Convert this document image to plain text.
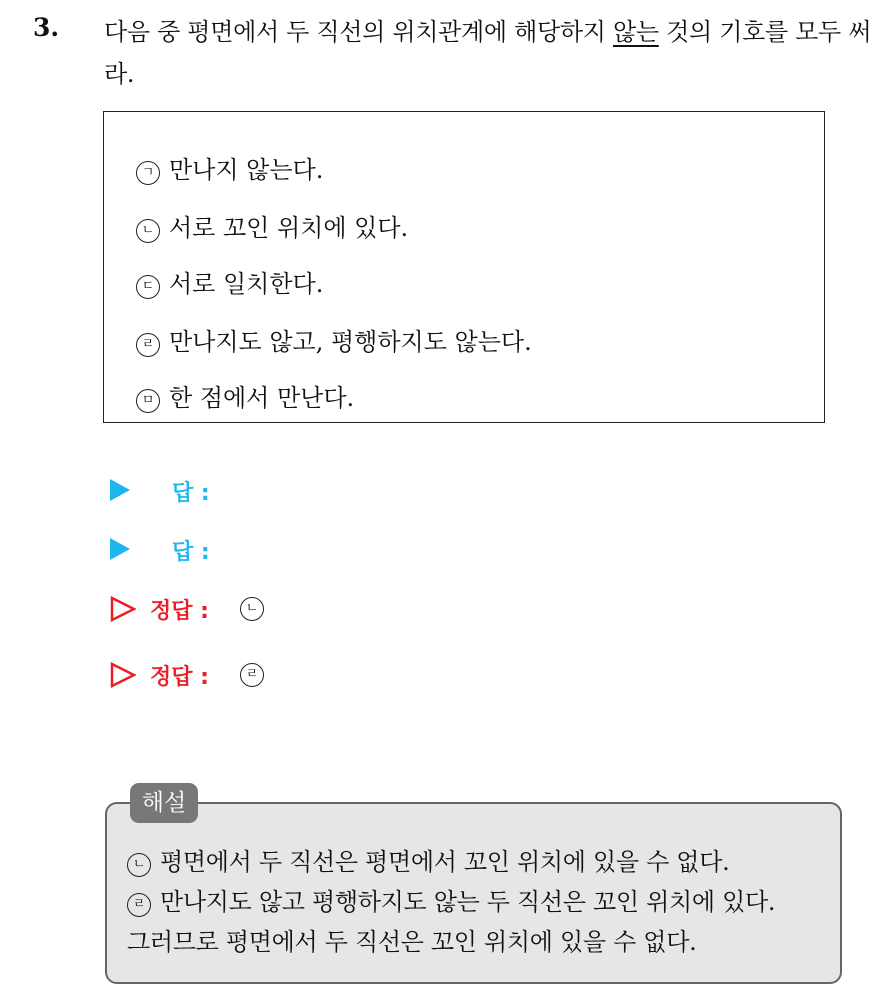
3. 다음 중 평면에서 두 직선의 위치관계에 해당하지 않는 것의 기호를 모두 써라.
ㄱ 만나지 않는다.
ㄴ 서로 꼬인 위치에 있다.
ㄷ 서로 일치한다.
ㄹ 만나지도 않고, 평행하지도 않는다.
ㅁ 한 점에서 만난다.
답 :
답 :
정답 :	ㄴ
정답 :	ㄹ
ㄴ 평면에서 두 직선은 평면에서 꼬인 위치에 있을 수 없다.
ㄹ 만나지도 않고 평행하지도 않는 두 직선은 꼬인 위치에 있다.
그러므로 평면에서 두 직선은 꼬인 위치에 있을 수 없다.
해설
